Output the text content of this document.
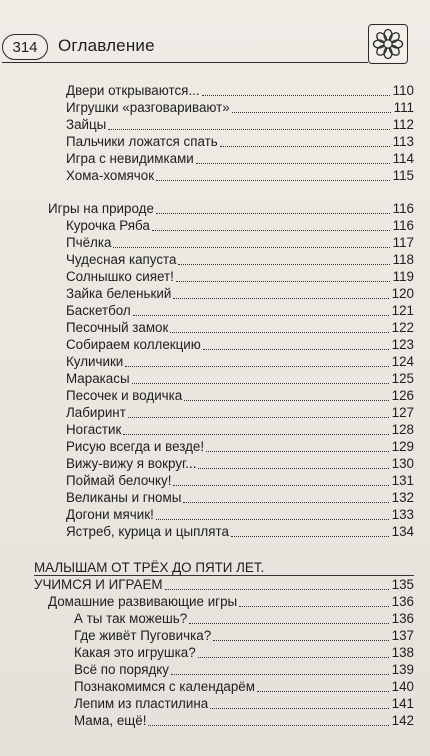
314	Оглавление
Двери открываются...	110
Игрушки «разговаривают»	111
Зайцы	112
Пальчики ложатся спать	113
Игра с невидимками	114
Хома-хомячок	115
Игры на природе	116
Курочка Ряба	116
Пчёлка	117
Чудесная капуста	118
Солнышко сияет!	119
Зайка беленький	120
Баскетбол	121
Песочный замок	122
Собираем коллекцию	123
Куличики	124
Маракасы	125
Песочек и водичка	126
Лабиринт	127
Ногастик	128
Рисую всегда и везде!	129
Вижу-вижу я вокруг...	130
Поймай белочку!	131
Великаны и гномы	132
Догони мячик!	133
Ястреб, курица и цыплята	134
МАЛЫШАМ ОТ ТРЁХ ДО ПЯТИ ЛЕТ.
УЧИМСЯ И ИГРАЕМ	135
Домашние развивающие игры	136
А ты так можешь?	136
Где живёт Пуговичка?	137
Какая это игрушка?	138
Всё по порядку	139
Познакомимся с календарём	140
Лепим из пластилина	141
Мама, ещё!	142
